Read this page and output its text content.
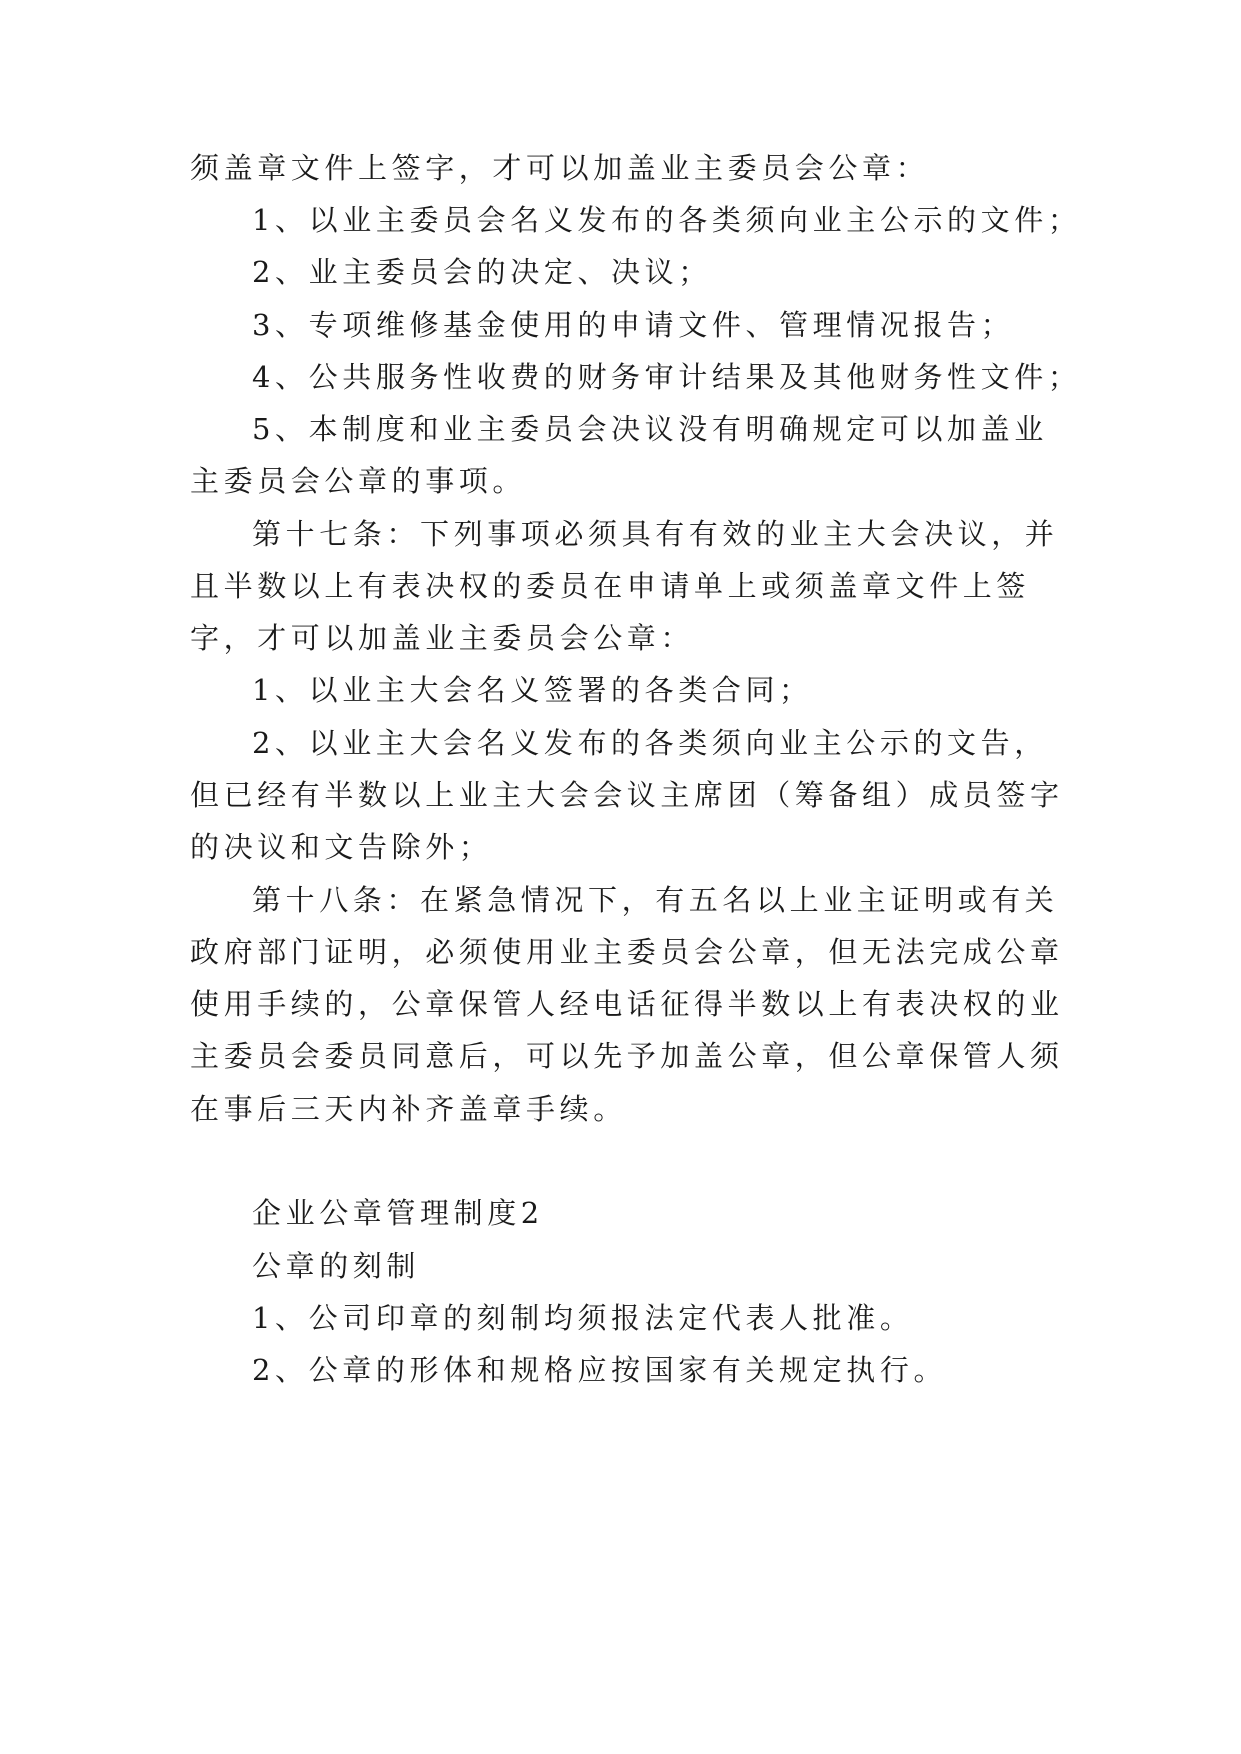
须盖章文件上签字，才可以加盖业主委员会公章：
1、以业主委员会名义发布的各类须向业主公示的文件；
2、业主委员会的决定、决议；
3、专项维修基金使用的申请文件、管理情况报告；
4、公共服务性收费的财务审计结果及其他财务性文件；
5、本制度和业主委员会决议没有明确规定可以加盖业
主委员会公章的事项。
第十七条：下列事项必须具有有效的业主大会决议，并
且半数以上有表决权的委员在申请单上或须盖章文件上签
字，才可以加盖业主委员会公章：
1、以业主大会名义签署的各类合同；
2、以业主大会名义发布的各类须向业主公示的文告，
但已经有半数以上业主大会会议主席团（筹备组）成员签字
的决议和文告除外；
第十八条：在紧急情况下，有五名以上业主证明或有关
政府部门证明，必须使用业主委员会公章，但无法完成公章
使用手续的，公章保管人经电话征得半数以上有表决权的业
主委员会委员同意后，可以先予加盖公章，但公章保管人须
在事后三天内补齐盖章手续。
企业公章管理制度2
公章的刻制
1、公司印章的刻制均须报法定代表人批准。
2、公章的形体和规格应按国家有关规定执行。
